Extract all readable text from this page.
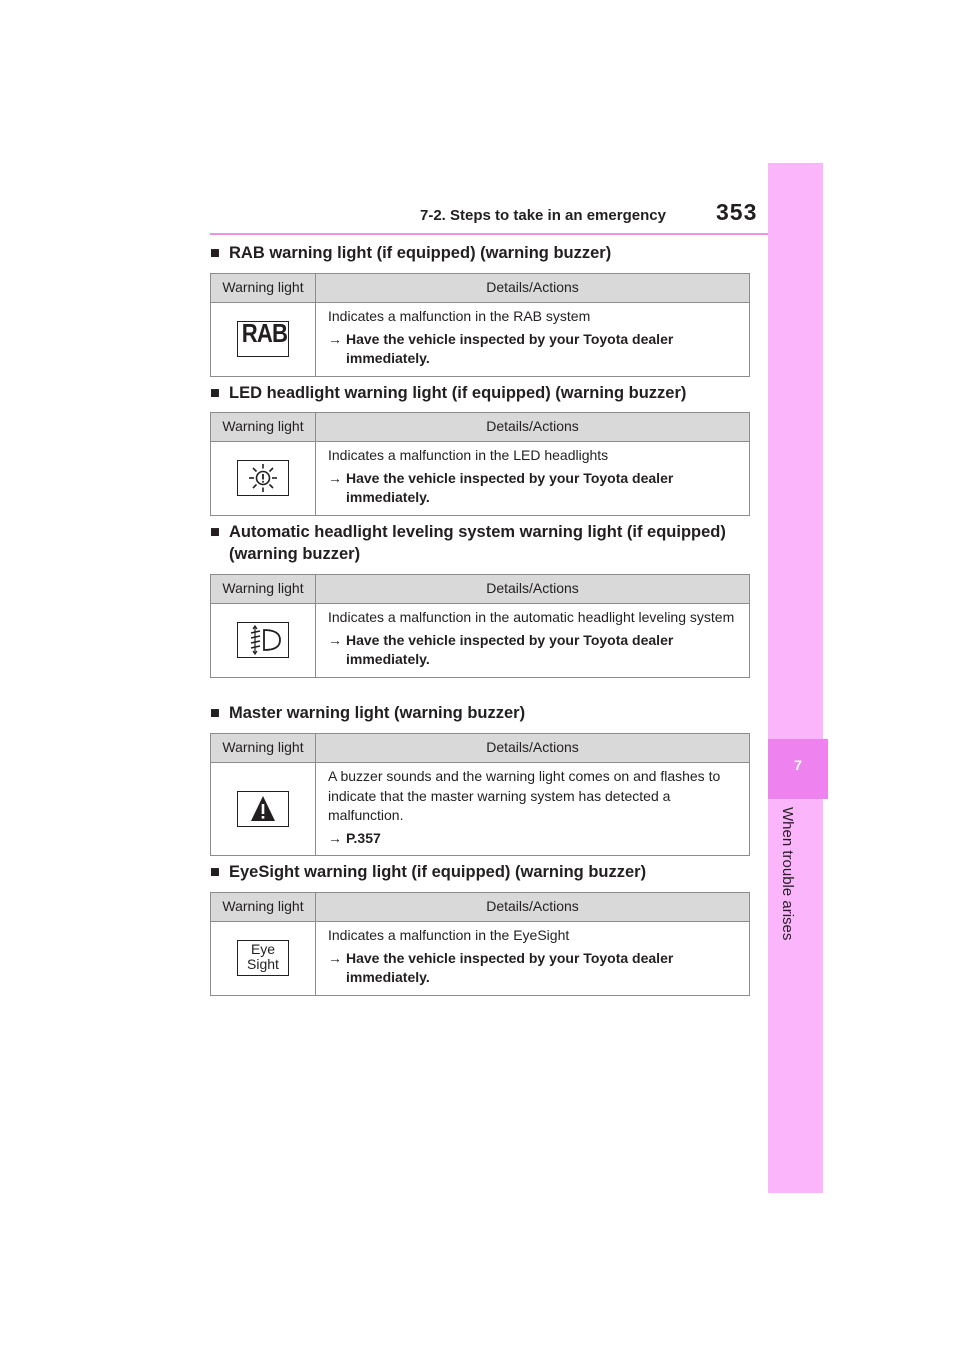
7-2. Steps to take in an emergency 353
7
When trouble arises
■ RAB warning light (if equipped) (warning buzzer)
Warning light	Details/Actions

RAB	Indicates a malfunction in the RAB system
→ Have the vehicle inspected by your Toyota dealer immediately.
■ LED headlight warning light (if equipped) (warning buzzer)
Warning light	Details/Actions

	Indicates a malfunction in the LED headlights
→ Have the vehicle inspected by your Toyota dealer immediately.
■ Automatic headlight leveling system warning light (if equipped) (warning buzzer)
Warning light	Details/Actions

	Indicates a malfunction in the automatic headlight leveling system
→ Have the vehicle inspected by your Toyota dealer immediately.
■ Master warning light (warning buzzer)
Warning light	Details/Actions

	A buzzer sounds and the warning light comes on and flashes to indicate that the master warning system has detected a malfunction.
→ P.357
■ EyeSight warning light (if equipped) (warning buzzer)
Warning light	Details/Actions

Eye
Sight	Indicates a malfunction in the EyeSight
→ Have the vehicle inspected by your Toyota dealer immediately.
